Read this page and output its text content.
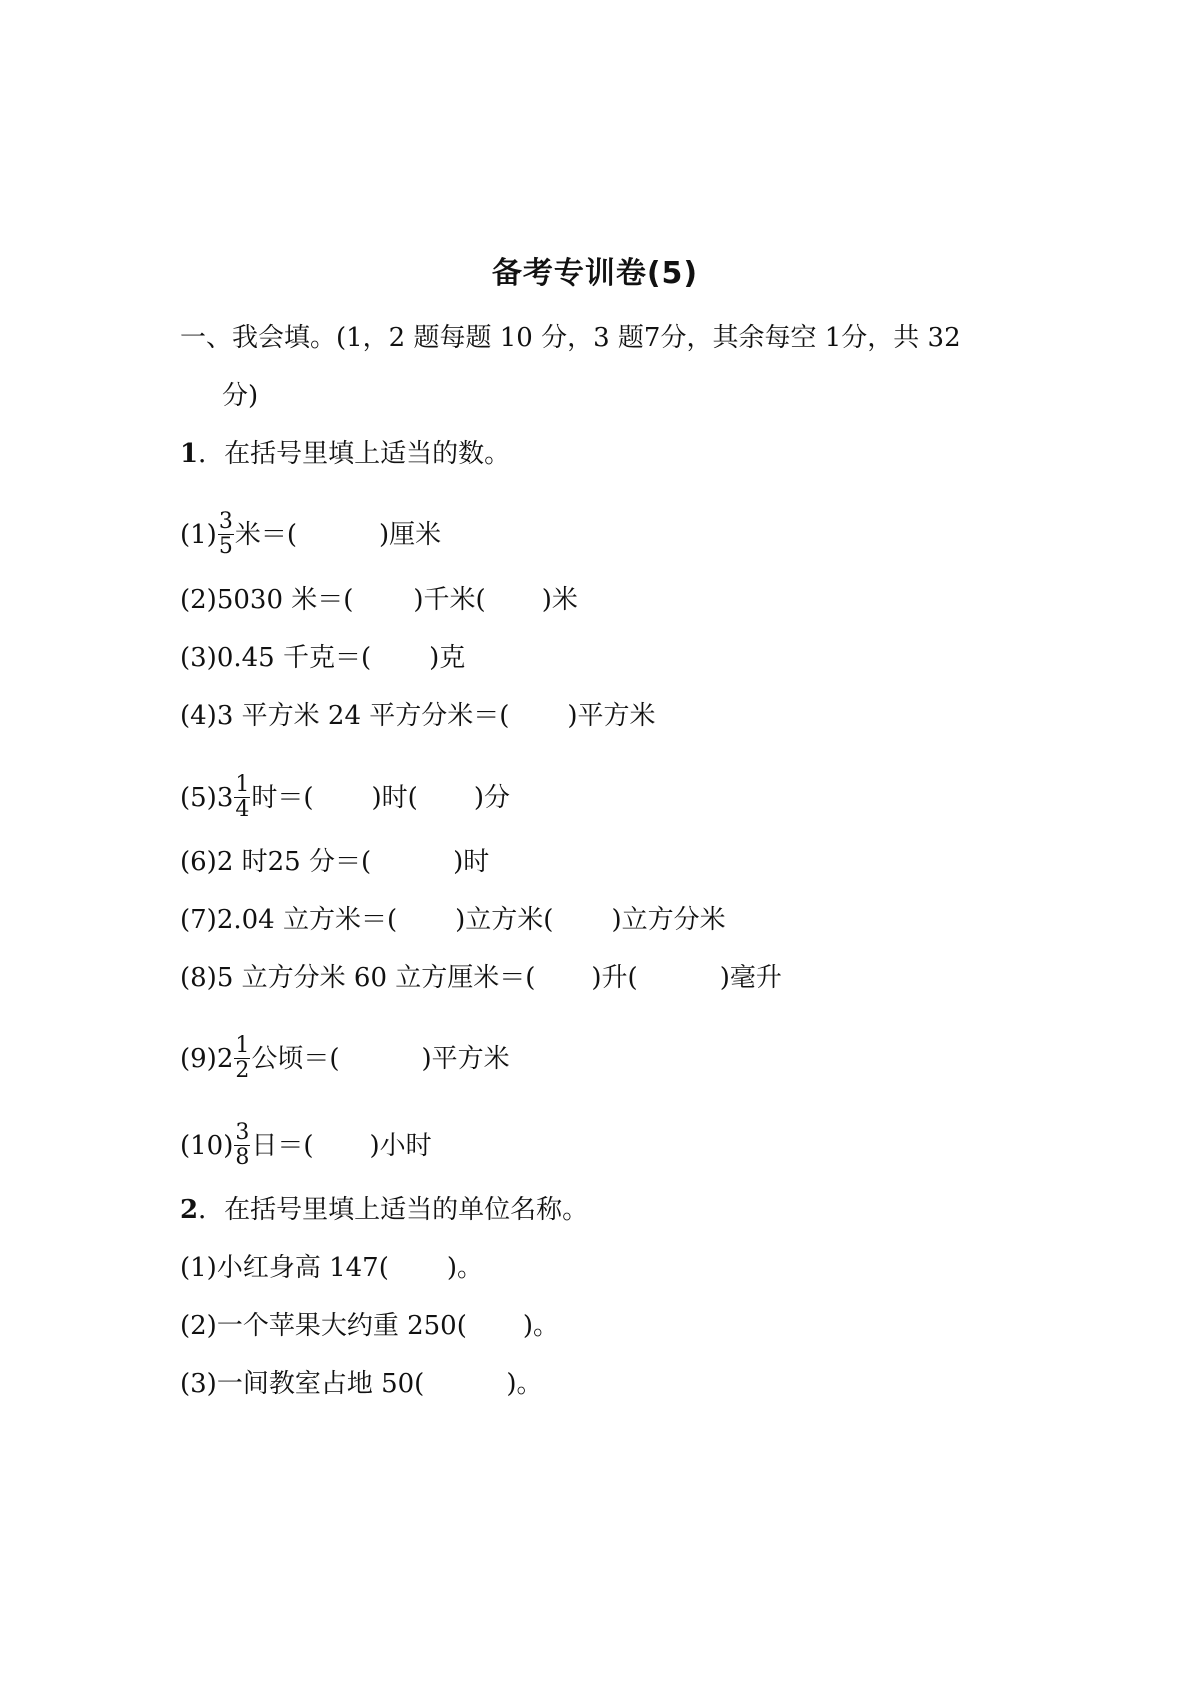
备考专训卷(5)
一、我会填。(1，2 题每题 10 分，3 题7分，其余每空 1分，共 32
分)
1．在括号里填上适当的数。
$(1) \frac{3}{5}$ 米＝(	)厘米
(2)5030 米＝( )千米( )米
(3)0.45 千克＝( )克
(4)3 平方米 24 平方分米＝( )平方米
$(5)3 \frac{1}{4}$ 时＝( )时( )分
(6)2 时25 分＝(	)时
(7)2.04 立方米＝( )立方米( )立方分米
(8)5 立方分米 60 立方厘米＝( )升(	)毫升
$(9)2 \frac{1}{2}$ 公顷＝(	)平方米
$(10) \frac{3}{8}$ 日＝( )小时
2．在括号里填上适当的单位名称。
(1)小红身高 147( )。
(2)一个苹果大约重 250( )。
(3)一间教室占地 50(	)。
